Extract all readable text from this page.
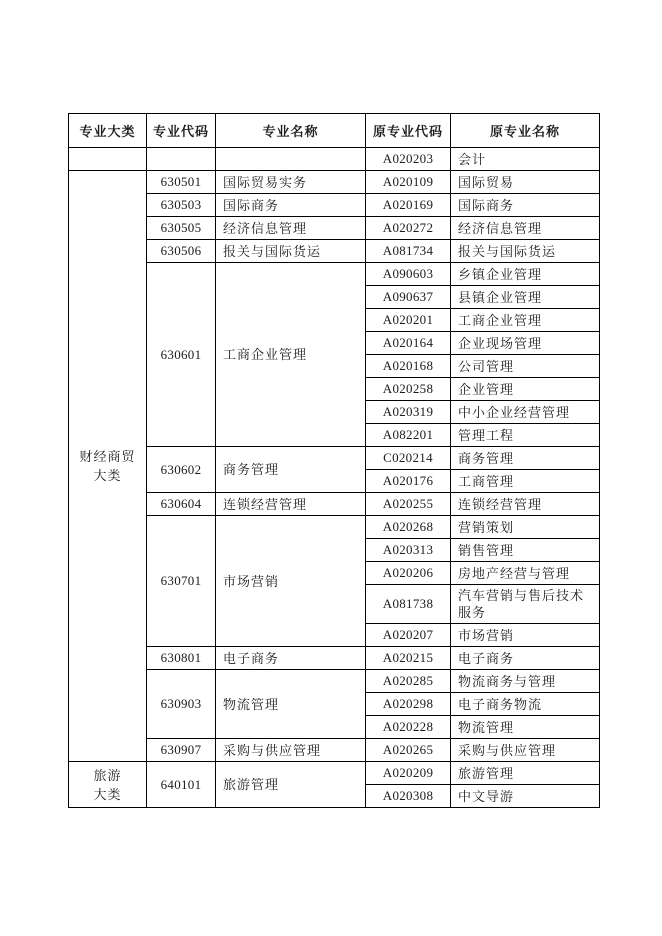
专业大类	专业代码	专业名称	原专业代码	原专业名称

			A020203	会计

财经商贸
大类	630501	国际贸易实务	A020109	国际贸易
	630503	国际商务	A020169	国际商务
	630505	经济信息管理	A020272	经济信息管理
	630506	报关与国际货运	A081734	报关与国际货运
	630601	工商企业管理	A090603	乡镇企业管理
			A090637	县镇企业管理
			A020201	工商企业管理
			A020164	企业现场管理
			A020168	公司管理
			A020258	企业管理
			A020319	中小企业经营管理
			A082201	管理工程
	630602	商务管理	C020214	商务管理
			A020176	工商管理
	630604	连锁经营管理	A020255	连锁经营管理
	630701	市场营销	A020268	营销策划
			A020313	销售管理
			A020206	房地产经营与管理
			A081738	汽车营销与售后技术服务
			A020207	市场营销
	630801	电子商务	A020215	电子商务
	630903	物流管理	A020285	物流商务与管理
			A020298	电子商务物流
			A020228	物流管理
	630907	采购与供应管理	A020265	采购与供应管理

旅游
大类	640101	旅游管理	A020209	旅游管理
			A020308	中文导游
